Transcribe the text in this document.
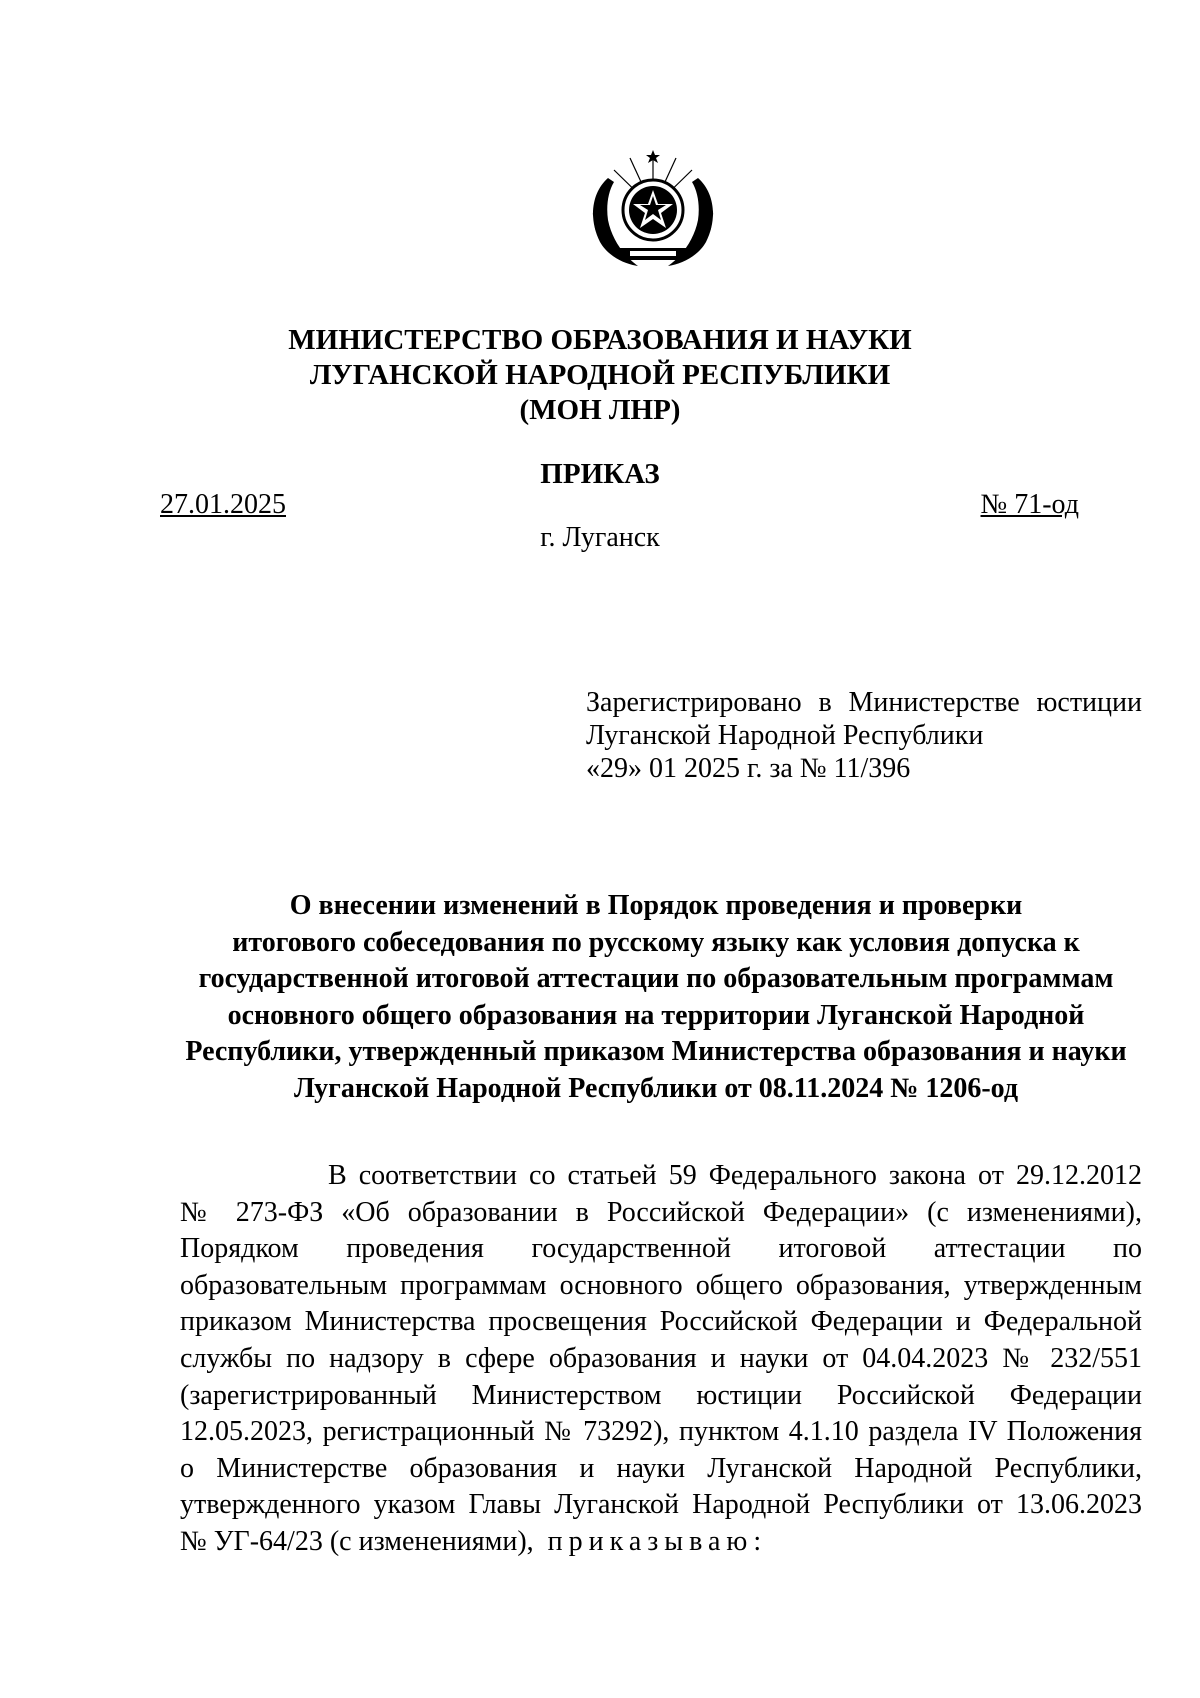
МИНИСТЕРСТВО ОБРАЗОВАНИЯ И НАУКИ
ЛУГАНСКОЙ НАРОДНОЙ РЕСПУБЛИКИ
(МОН ЛНР)
ПРИКАЗ
27.01.2025	№ 71-од
г. Луганск
Зарегистрировано в Министерстве юстиции
Луганской Народной Республики
«29» 01 2025 г. за № 11/396
О внесении изменений в Порядок проведения и проверки
итогового собеседования по русскому языку как условия допуска к
государственной итоговой аттестации по образовательным программам
основного общего образования на территории Луганской Народной
Республики, утвержденный приказом Министерства образования и науки
Луганской Народной Республики от 08.11.2024 № 1206-од
В соответствии со статьей 59 Федерального закона от 29.12.2012
№ 273-ФЗ «Об образовании в Российской Федерации» (с изменениями),
Порядком проведения государственной итоговой аттестации по
образовательным программам основного общего образования, утвержденным
приказом Министерства просвещения Российской Федерации и Федеральной
службы по надзору в сфере образования и науки от 04.04.2023 № 232/551
(зарегистрированный Министерством юстиции Российской Федерации
12.05.2023, регистрационный № 73292), пунктом 4.1.10 раздела IV Положения
о Министерстве образования и науки Луганской Народной Республики,
утвержденного указом Главы Луганской Народной Республики от 13.06.2023
№ УГ-64/23 (с изменениями), приказываю:
